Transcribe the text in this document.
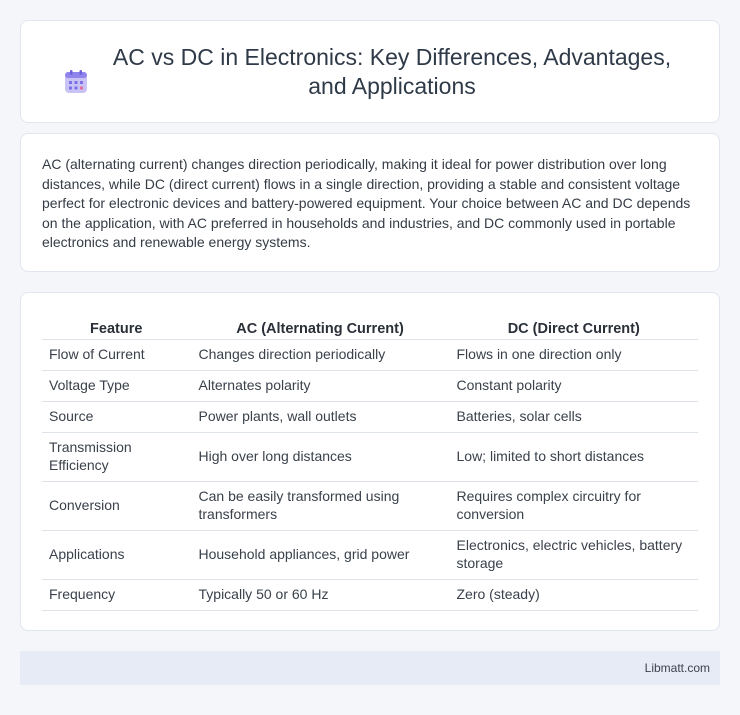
AC vs DC in Electronics: Key Differences, Advantages, and Applications

AC (alternating current) changes direction periodically, making it ideal for power distribution over long distances, while DC (direct current) flows in a single direction, providing a stable and consistent voltage perfect for electronic devices and battery-powered equipment. Your choice between AC and DC depends on the application, with AC preferred in households and industries, and DC commonly used in portable electronics and renewable energy systems.

Feature	AC (Alternating Current)	DC (Direct Current)
Flow of Current	Changes direction periodically	Flows in one direction only
Voltage Type	Alternates polarity	Constant polarity
Source	Power plants, wall outlets	Batteries, solar cells
Transmission Efficiency	High over long distances	Low; limited to short distances
Conversion	Can be easily transformed using transformers	Requires complex circuitry for conversion
Applications	Household appliances, grid power	Electronics, electric vehicles, battery storage
Frequency	Typically 50 or 60 Hz	Zero (steady)
Libmatt.com
